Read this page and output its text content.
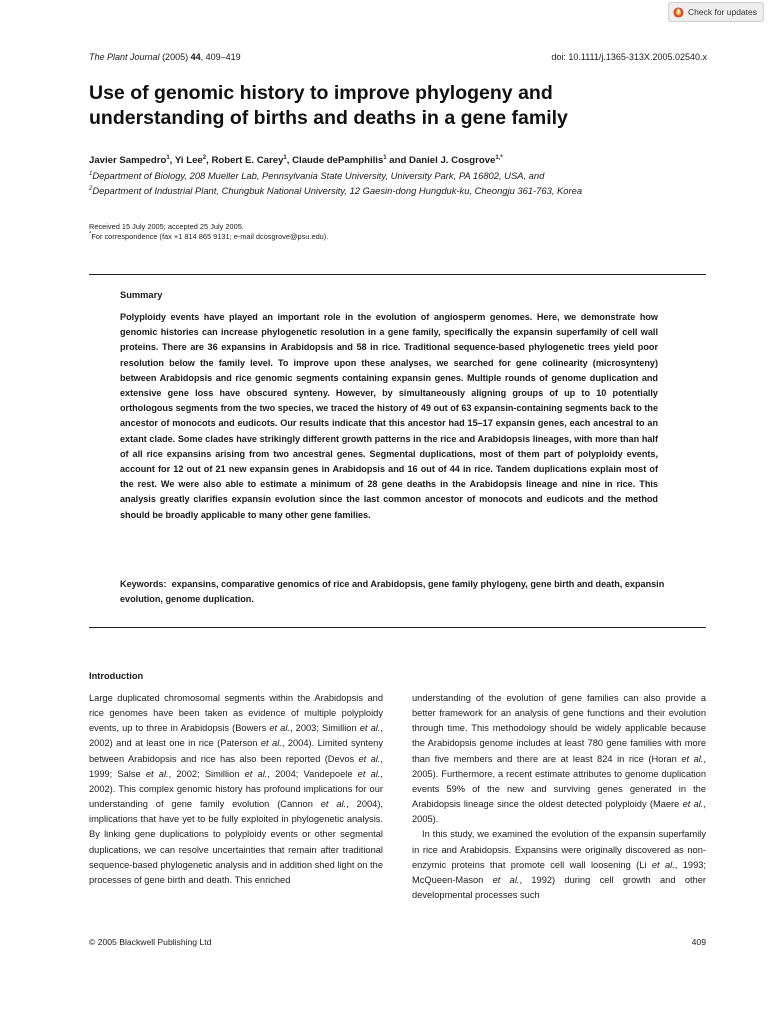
Check for updates
The Plant Journal (2005) 44, 409–419	doi: 10.1111/j.1365-313X.2005.02540.x
Use of genomic history to improve phylogeny and understanding of births and deaths in a gene family
Javier Sampedro$^1$, Yi Lee$^2$, Robert E. Carey$^1$, Claude dePamphilis$^1$ and Daniel J. Cosgrove$^{1,*}$
$^1$Department of Biology, 208 Mueller Lab, Pennsylvania State University, University Park, PA 16802, USA, and
$^2$Department of Industrial Plant, Chungbuk National University, 12 Gaesin-dong Hungduk-ku, Cheongju 361-763, Korea
Received 15 July 2005; accepted 25 July 2005.
*For correspondence (fax +1 814 865 9131; e-mail dcosgrove@psu.edu).
Summary

Polyploidy events have played an important role in the evolution of angiosperm genomes. Here, we demonstrate how genomic histories can increase phylogenetic resolution in a gene family, specifically the expansin superfamily of cell wall proteins. There are 36 expansins in Arabidopsis and 58 in rice. Traditional sequence-based phylogenetic trees yield poor resolution below the family level. To improve upon these analyses, we searched for gene colinearity (microsynteny) between Arabidopsis and rice genomic segments containing expansin genes. Multiple rounds of genome duplication and extensive gene loss have obscured synteny. However, by simultaneously aligning groups of up to 10 potentially orthologous segments from the two species, we traced the history of 49 out of 63 expansin-containing segments back to the ancestor of monocots and eudicots. Our results indicate that this ancestor had 15–17 expansin genes, each ancestral to an extant clade. Some clades have strikingly different growth patterns in the rice and Arabidopsis lineages, with more than half of all rice expansins arising from two ancestral genes. Segmental duplications, most of them part of polyploidy events, account for 12 out of 21 new expansin genes in Arabidopsis and 16 out of 44 in rice. Tandem duplications explain most of the rest. We were also able to estimate a minimum of 28 gene deaths in the Arabidopsis lineage and nine in rice. This analysis greatly clarifies expansin evolution since the last common ancestor of monocots and eudicots and the method should be broadly applicable to many other gene families.

Keywords: expansins, comparative genomics of rice and Arabidopsis, gene family phylogeny, gene birth and death, expansin evolution, genome duplication.

Introduction

Large duplicated chromosomal segments within the Arabidopsis and rice genomes have been taken as evidence of multiple polyploidy events, up to three in Arabidopsis (Bowers et al., 2003; Simillion et al., 2002) and at least one in rice (Paterson et al., 2004). Limited synteny between Arabidopsis and rice has also been reported (Devos et al., 1999; Salse et al., 2002; Simillion et al., 2004; Vandepoele et al., 2002). This complex genomic history has profound implications for our understanding of gene family evolution (Cannon et al., 2004), implications that have yet to be fully exploited in phylogenetic analysis. By linking gene duplications to polyploidy events or other segmental duplications, we can resolve uncertainties that remain after traditional sequence-based phylogenetic analysis and in addition shed light on the processes of gene birth and death. This enriched

understanding of the evolution of gene families can also provide a better framework for an analysis of gene functions and their evolution through time. This methodology should be widely applicable because the Arabidopsis genome includes at least 780 gene families with more than five members and there are at least 824 in rice (Horan et al., 2005). Furthermore, a recent estimate attributes to genome duplication events 59% of the new and surviving genes generated in the Arabidopsis lineage since the oldest detected polyploidy (Maere et al., 2005).

In this study, we examined the evolution of the expansin superfamily in rice and Arabidopsis. Expansins were originally discovered as non-enzymic proteins that promote cell wall loosening (Li et al., 1993; McQueen-Mason et al., 1992) during cell growth and other developmental processes such

© 2005 Blackwell Publishing Ltd	409
